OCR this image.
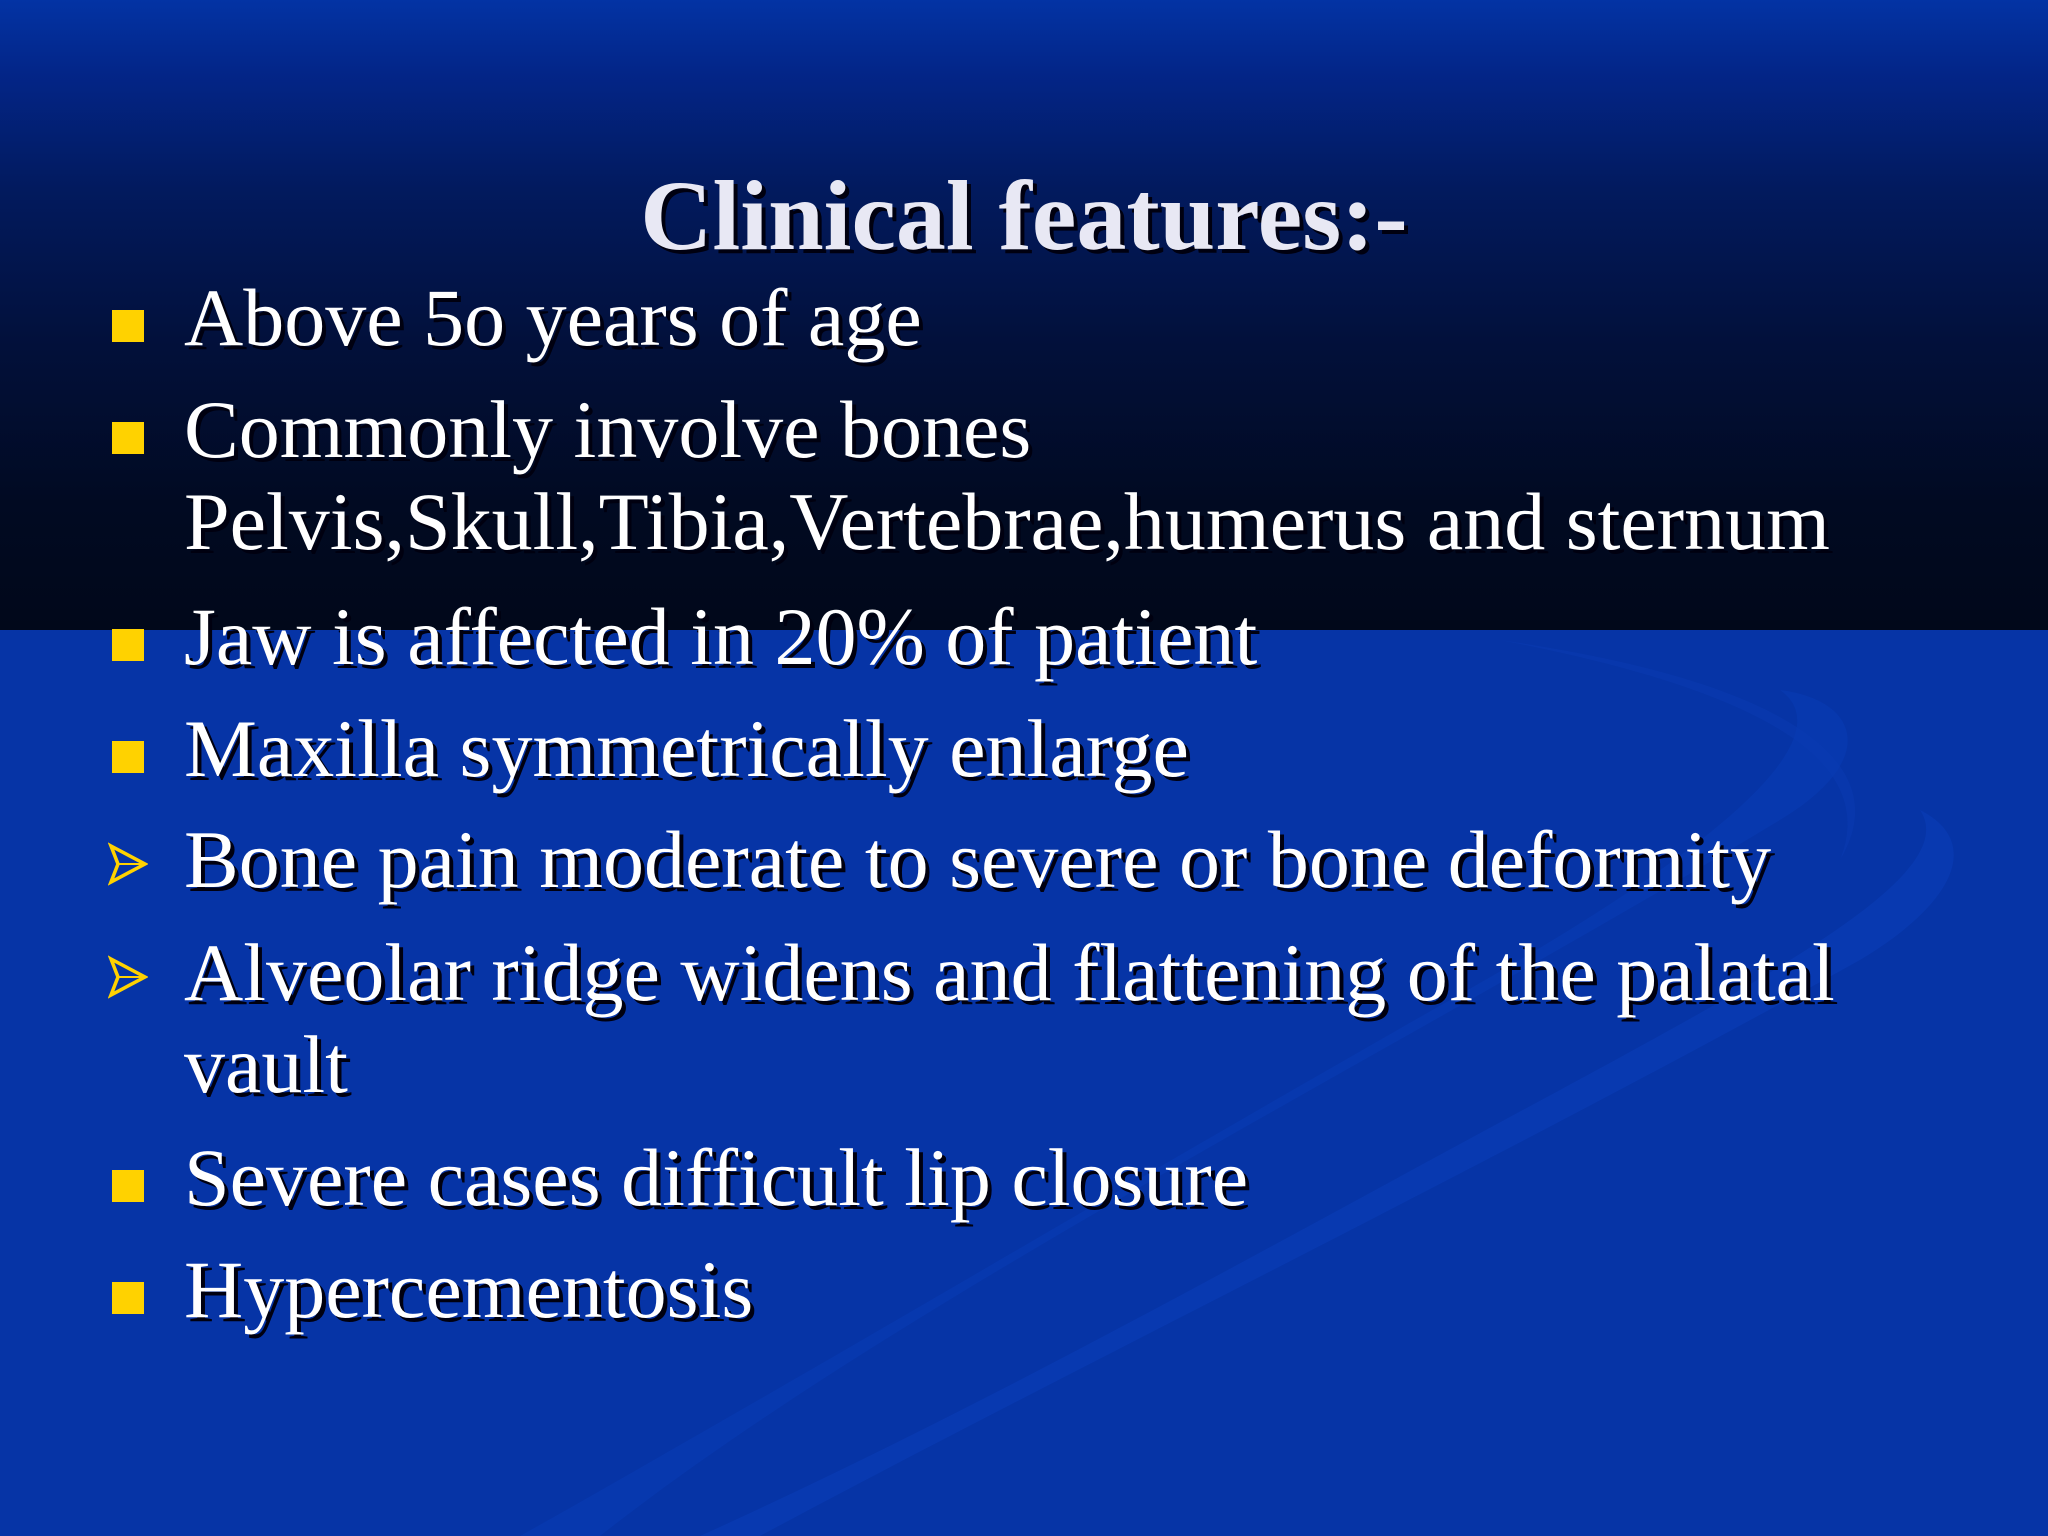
Clinical features:-
Above 5o years of age
Commonly involve bones
Pelvis,Skull,Tibia,Vertebrae,humerus and sternum
Jaw is affected in 20% of patient
Maxilla symmetrically enlarge
Bone pain moderate to severe or bone deformity
Alveolar ridge widens and flattening of the palatal
vault
Severe cases difficult lip closure
Hypercementosis
